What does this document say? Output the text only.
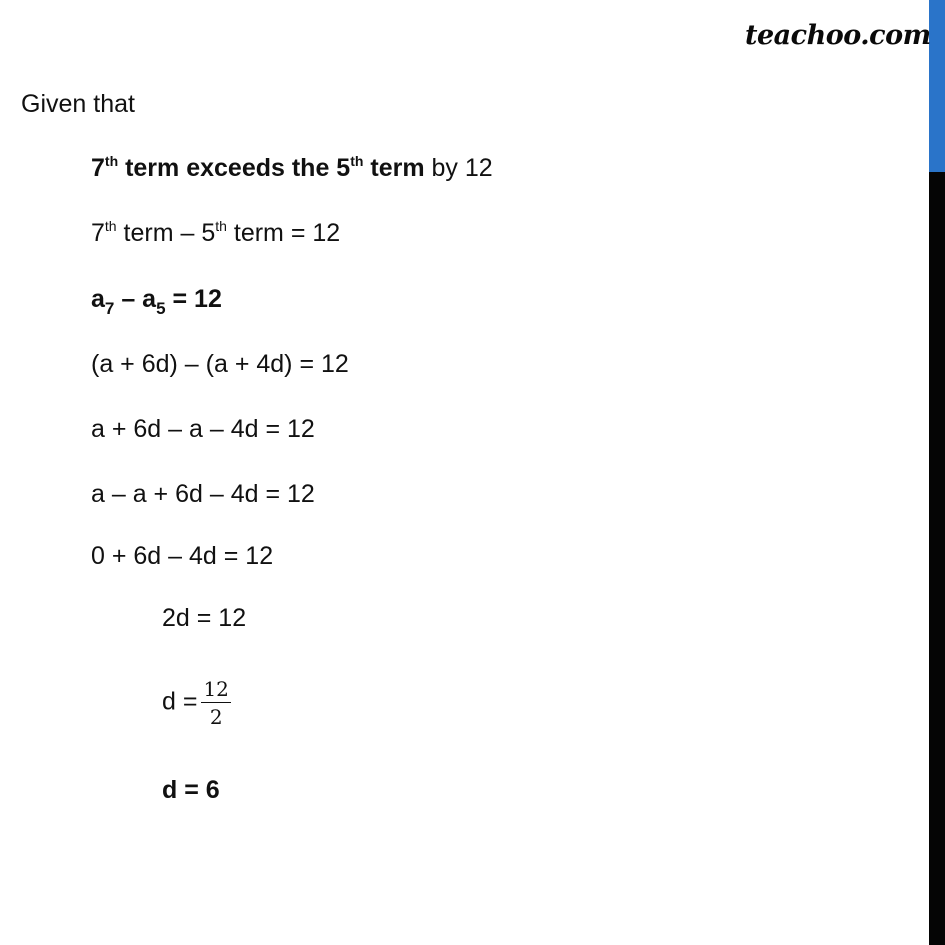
teachoo.com
Given that
7th term exceeds the 5th term by 12
7th term – 5th term = 12
$a_7 - a_5 = 12$
(a + 6d) – (a + 4d) = 12
a + 6d – a – 4d = 12
a – a + 6d – 4d = 12
0 + 6d – 4d = 12
2d = 12
$d = \frac{12}{2}$
d = 6
